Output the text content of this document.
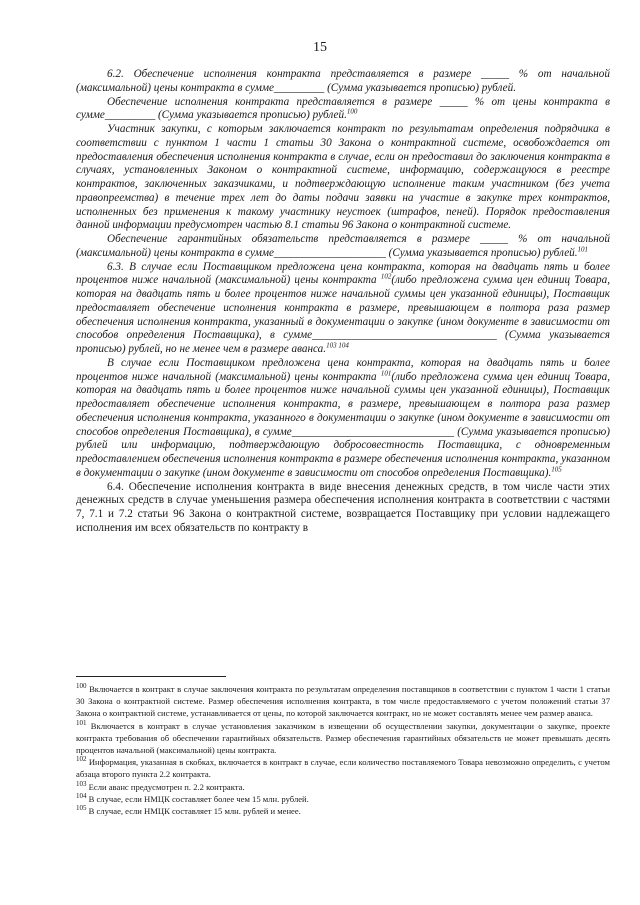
15

6.2. Обеспечение исполнения контракта представляется в размере _____ % от начальной (максимальной) цены контракта в сумме_________ (Сумма указывается прописью) рублей.

Обеспечение исполнения контракта представляется в размере _____ % от цены контракта в сумме_________ (Сумма указывается прописью) рублей.$^{100}$

Участник закупки, с которым заключается контракт по результатам определения подрядчика в соответствии с пунктом 1 части 1 статьи 30 Закона о контрактной системе, освобождается от предоставления обеспечения исполнения контракта в случае, если он предоставил до заключения контракта в случаях, установленных Законом о контрактной системе, информацию, содержащуюся в реестре контрактов, заключенных заказчиками, и подтверждающую исполнение таким участником (без учета правопреемства) в течение трех лет до даты подачи заявки на участие в закупке трех контрактов, исполненных без применения к такому участнику неустоек (штрафов, пеней). Порядок предоставления данной информации предусмотрен частью 8.1 статьи 96 Закона о контрактной системе.

Обеспечение гарантийных обязательств представляется в размере _____ % от начальной (максимальной) цены контракта в сумме____________________ (Сумма указывается прописью) рублей.$^{101}$

6.3. В случае если Поставщиком предложена цена контракта, которая на двадцать пять и более процентов ниже начальной (максимальной) цены контракта $^{102}$(либо предложена сумма цен единиц Товара, которая на двадцать пять и более процентов ниже начальной суммы цен указанной единицы), Поставщик предоставляет обеспечение исполнения контракта в размере, превышающем в полтора раза размер обеспечения исполнения контракта, указанный в документации о закупке (ином документе в зависимости от способов определения Поставщика), в сумме_________________________________ (Сумма указывается прописью) рублей, но не менее чем в размере аванса.$^{103 104}$

В случае если Поставщиком предложена цена контракта, которая на двадцать пять и более процентов ниже начальной (максимальной) цены контракта $^{101}$(либо предложена сумма цен единиц Товара, которая на двадцать пять и более процентов ниже начальной суммы цен указанной единицы), Поставщик предоставляет обеспечение исполнения контракта, в размере, превышающем в полтора раза размер обеспечения исполнения контракта, указанного в документации о закупке (ином документе в зависимости от способов определения Поставщика), в сумме_____________________________ (Сумма указывается прописью) рублей или информацию, подтверждающую добросовестность Поставщика, с одновременным предоставлением обеспечения исполнения контракта в размере обеспечения исполнения контракта, указанном в документации о закупке (ином документе в зависимости от способов определения Поставщика).$^{105}$

6.4. Обеспечение исполнения контракта в виде внесения денежных средств, в том числе части этих денежных средств в случае уменьшения размера обеспечения исполнения контракта в соответствии с частями 7, 7.1 и 7.2 статьи 96 Закона о контрактной системе, возвращается Поставщику при условии надлежащего исполнения им всех обязательств по контракту в

$^{100}$ Включается в контракт в случае заключения контракта по результатам определения поставщиков в соответствии с пунктом 1 части 1 статьи 30 Закона о контрактной системе. Размер обеспечения исполнения контракта, в том числе предоставляемого с учетом положений статьи 37 Закона о контрактной системе, устанавливается от цены, по которой заключается контракт, но не может составлять менее чем размер аванса.

$^{101}$ Включается в контракт в случае установления заказчиком в извещении об осуществлении закупки, документации о закупке, проекте контракта требования об обеспечении гарантийных обязательств. Размер обеспечения гарантийных обязательств не может превышать десять процентов начальной (максимальной) цены контракта.

$^{102}$ Информация, указанная в скобках, включается в контракт в случае, если количество поставляемого Товара невозможно определить, с учетом абзаца второго пункта 2.2 контракта.

$^{103}$ Если аванс предусмотрен п. 2.2 контракта.

$^{104}$ В случае, если НМЦК составляет более чем 15 млн. рублей.

$^{105}$ В случае, если НМЦК составляет 15 млн. рублей и менее.
